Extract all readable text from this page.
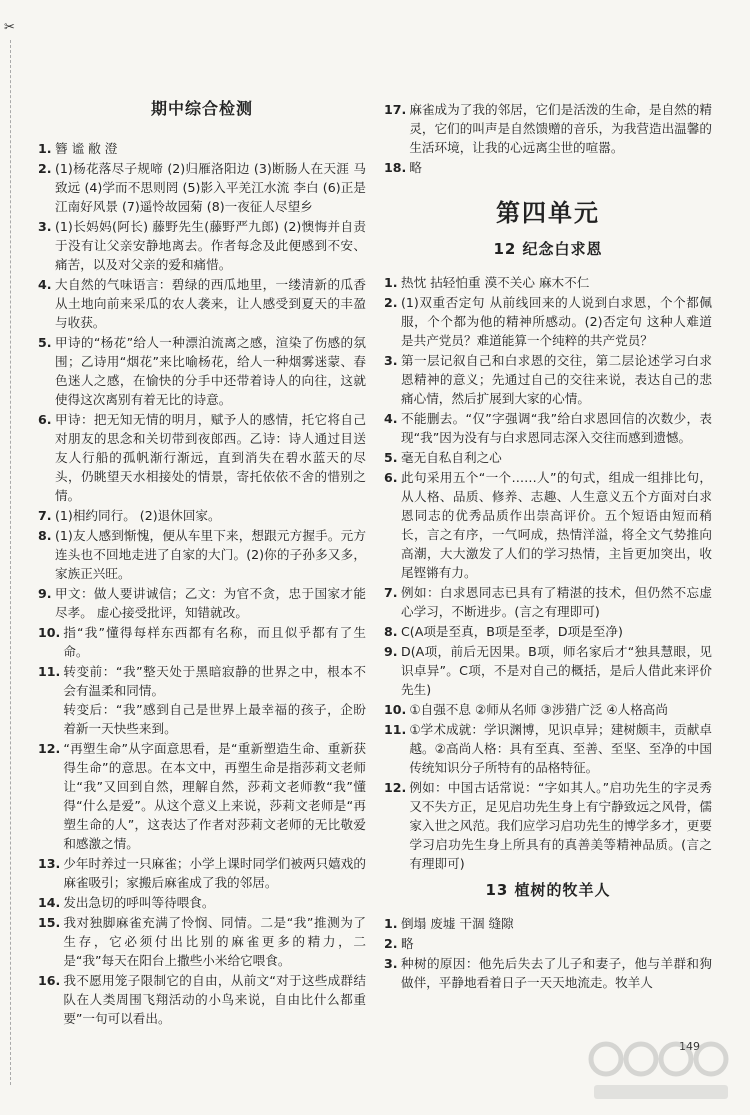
✂
期中综合检测
1. 簪 谧 敝 澄
2. (1)杨花落尽子规啼 (2)归雁洛阳边 (3)断肠人在天涯 马致远 (4)学而不思则罔 (5)影入平羌江水流 李白 (6)正是江南好风景 (7)遥怜故园菊 (8)一夜征人尽望乡
3. (1)长妈妈(阿长) 藤野先生(藤野严九郎) (2)懊悔并自责于没有让父亲安静地离去。作者每念及此便感到不安、痛苦，以及对父亲的爱和痛惜。
4. 大自然的气味语言：碧绿的西瓜地里，一缕清新的瓜香从土地向前来采瓜的农人袭来，让人感受到夏天的丰盈与收获。
5. 甲诗的“杨花”给人一种漂泊流离之感，渲染了伤感的氛围；乙诗用“烟花”来比喻杨花，给人一种烟雾迷蒙、春色迷人之感，在愉快的分手中还带着诗人的向往，这就使得这次离别有着无比的诗意。
6. 甲诗：把无知无情的明月，赋予人的感情，托它将自己对朋友的思念和关切带到夜郎西。乙诗：诗人通过目送友人行船的孤帆渐行渐远，直到消失在碧水蓝天的尽头，仍眺望天水相接处的情景，寄托依依不舍的惜别之情。
7. (1)相约同行。 (2)退休回家。
8. (1)友人感到惭愧，便从车里下来，想跟元方握手。元方连头也不回地走进了自家的大门。(2)你的子孙多又多，家族正兴旺。
9. 甲文：做人要讲诚信；乙文：为官不贪，忠于国家才能尽孝。 虚心接受批评，知错就改。
10. 指“我”懂得每样东西都有名称，而且似乎都有了生命。
11. 转变前：“我”整天处于黑暗寂静的世界之中，根本不会有温柔和同情。
转变后：“我”感到自己是世界上最幸福的孩子，企盼着新一天快些来到。
12. “再塑生命”从字面意思看，是“重新塑造生命、重新获得生命”的意思。在本文中，再塑生命是指莎莉文老师让“我”又回到自然，理解自然，莎莉文老师教“我”懂得“什么是爱”。从这个意义上来说，莎莉文老师是“再塑生命的人”，这表达了作者对莎莉文老师的无比敬爱和感激之情。
13. 少年时养过一只麻雀；小学上课时同学们被两只嬉戏的麻雀吸引；家搬后麻雀成了我的邻居。
14. 发出急切的呼叫等待喂食。
15. 我对独脚麻雀充满了怜悯、同情。二是“我”推测为了生存，它必须付出比别的麻雀更多的精力，二是“我”每天在阳台上撒些小米给它喂食。
16. 我不愿用笼子限制它的自由，从前文“对于这些成群结队在人类周围飞翔活动的小鸟来说，自由比什么都重要”一句可以看出。
17. 麻雀成为了我的邻居，它们是活泼的生命，是自然的精灵，它们的叫声是自然馈赠的音乐，为我营造出温馨的生活环境，让我的心远离尘世的喧嚣。
18. 略
第四单元
12 纪念白求恩
1. 热忱 拈轻怕重 漠不关心 麻木不仁
2. (1)双重否定句 从前线回来的人说到白求恩，个个都佩服，个个都为他的精神所感动。(2)否定句 这种人难道是共产党员？难道能算一个纯粹的共产党员？
3. 第一层记叙自己和白求恩的交往，第二层论述学习白求恩精神的意义；先通过自己的交往来说，表达自己的悲痛心情，然后扩展到大家的心情。
4. 不能删去。“仅”字强调“我”给白求恩回信的次数少，表现“我”因为没有与白求恩同志深入交往而感到遗憾。
5. 毫无自私自利之心
6. 此句采用五个“一个……人”的句式，组成一组排比句，从人格、品质、修养、志趣、人生意义五个方面对白求恩同志的优秀品质作出崇高评价。五个短语由短而稍长，言之有序，一气呵成，热情洋溢，将全文气势推向高潮，大大激发了人们的学习热情，主旨更加突出，收尾铿锵有力。
7. 例如：白求恩同志已具有了精湛的技术，但仍然不忘虚心学习，不断进步。(言之有理即可)
8. C(A项是至真，B项是至孝，D项是至净)
9. D(A项，前后无因果。B项，师名家后才“独具慧眼，见识卓异”。C项，不是对自己的概括，是后人借此来评价先生)
10. ①自强不息 ②师从名师 ③涉猎广泛 ④人格高尚
11. ①学术成就：学识渊博，见识卓异；建树颇丰，贡献卓越。②高尚人格：具有至真、至善、至坚、至净的中国传统知识分子所特有的品格特征。
12. 例如：中国古话常说：“字如其人。”启功先生的字灵秀又不失方正，足见启功先生身上有宁静致远之风骨，儒家入世之风范。我们应学习启功先生的博学多才，更要学习启功先生身上所具有的真善美等精神品质。(言之有理即可)
13 植树的牧羊人
1. 倒塌 废墟 干涸 缝隙
2. 略
3. 种树的原因：他先后失去了儿子和妻子，他与羊群和狗做伴，平静地看着日子一天天地流走。牧羊人
149
